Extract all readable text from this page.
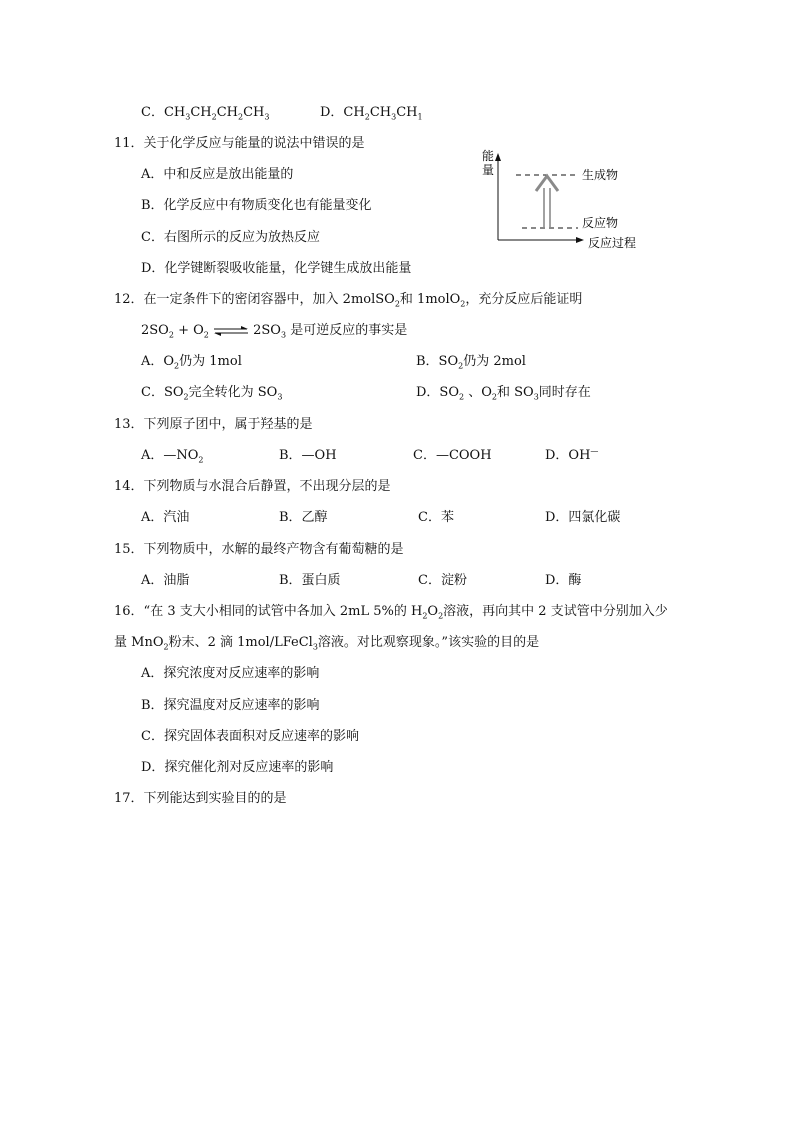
C．$CH_3CH_2CH_2CH_3$	D．$CH_2CH_3CH_1$
11．关于化学反应与能量的说法中错误的是
A．中和反应是放出能量的
B．化学反应中有物质变化也有能量变化
C．右图所示的反应为放热反应
D．化学键断裂吸收能量，化学键生成放出能量
能
量	生成物
反应物
反应过程
12．在一定条件下的密闭容器中，加入 2molSO$_2$和 1molO$_2$，充分反应后能证明
$2SO_2 + O_2$ ⇌ $2SO_3$ 是可逆反应的事实是
A．$O_2$仍为 1mol	B．$SO_2$仍为 2mol
C．$SO_2$完全转化为 $SO_3$	D．$SO_2$ 、$O_2$和 $SO_3$同时存在
13．下列原子团中，属于羟基的是
A．$—NO_2$	B．—OH	C．—COOH	D．OH—
14．下列物质与水混合后静置，不出现分层的是
A．汽油	B．乙醇	C．苯	D．四氯化碳
15．下列物质中，水解的最终产物含有葡萄糖的是
A．油脂	B．蛋白质	C．淀粉	D．酶
16．“在 3 支大小相同的试管中各加入 2mL 5%的 $H_2O_2$溶液，再向其中 2 支试管中分别加入少
量 MnO$_2$粉末、2 滴 1mol/LFeCl$_3$溶液。对比观察现象。”该实验的目的是
A．探究浓度对反应速率的影响
B．探究温度对反应速率的影响
C．探究固体表面积对反应速率的影响
D．探究催化剂对反应速率的影响
17．下列能达到实验目的的是
